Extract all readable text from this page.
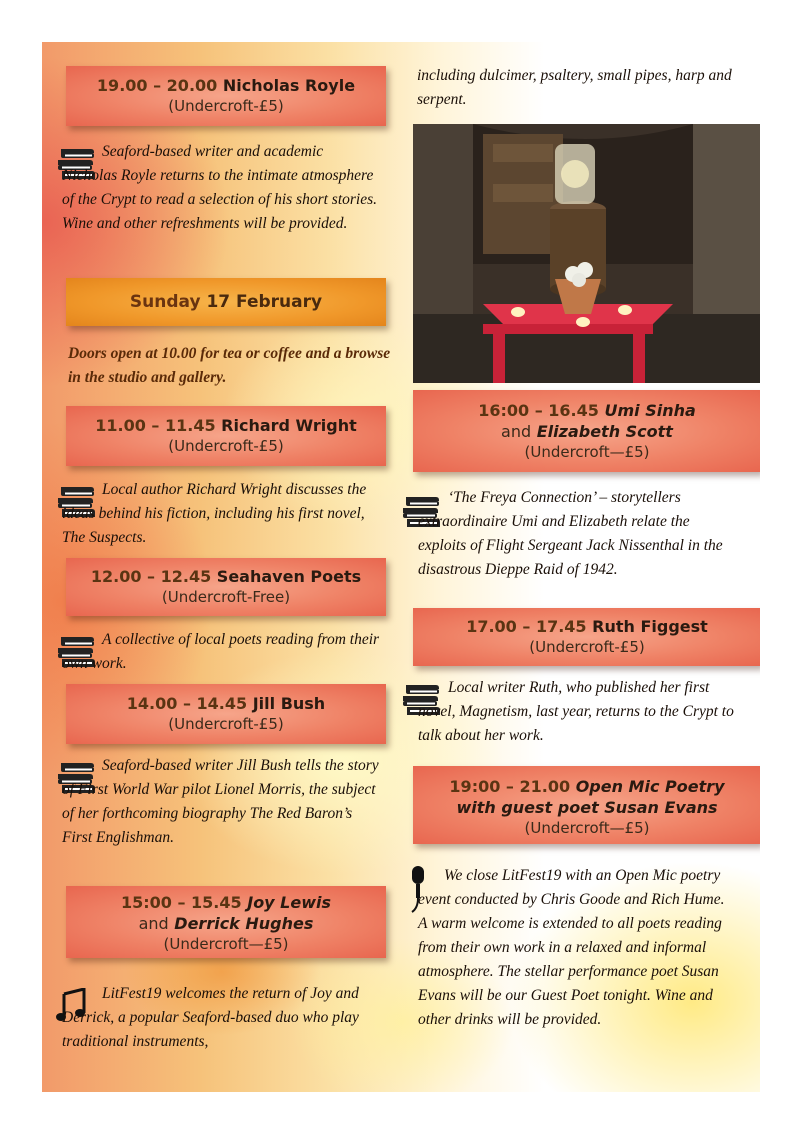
19.00 – 20.00 Nicholas Royle
(Undercroft-£5)
Seaford-based writer and academic Nicholas Royle returns to the intimate atmosphere of the Crypt to read a selection of his short stories. Wine and other refreshments will be provided.
Sunday 17 February
Doors open at 10.00 for tea or coffee and a browse in the studio and gallery.
11.00 – 11.45 Richard Wright
(Undercroft-£5)
Local author Richard Wright discusses the ideas behind his fiction, including his first novel, The Suspects.
12.00 – 12.45 Seahaven Poets
(Undercroft-Free)
A collective of local poets reading from their own work.
14.00 – 14.45 Jill Bush
(Undercroft-£5)
Seaford-based writer Jill Bush tells the story of First World War pilot Lionel Morris, the subject of her forthcoming biography The Red Baron’s First Englishman.
15:00 – 15.45 Joy Lewis
and Derrick Hughes
(Undercroft—£5)
LitFest19 welcomes the return of Joy and Derrick, a popular Seaford-based duo who play traditional instruments,
including dulcimer, psaltery, small pipes, harp and serpent.
16:00 – 16.45 Umi Sinha
and Elizabeth Scott
(Undercroft—£5)
‘The Freya Connection’ – storytellers extraordinaire Umi and Elizabeth relate the exploits of Flight Sergeant Jack Nissenthal in the disastrous Dieppe Raid of 1942.
17.00 – 17.45 Ruth Figgest
(Undercroft-£5)
Local writer Ruth, who published her first novel, Magnetism, last year, returns to the Crypt to talk about her work.
19:00 – 21.00 Open Mic Poetry
with guest poet Susan Evans
(Undercroft—£5)
We close LitFest19 with an Open Mic poetry event conducted by Chris Goode and Rich Hume. A warm welcome is extended to all poets reading from their own work in a relaxed and informal atmosphere. The stellar performance poet Susan Evans will be our Guest Poet tonight. Wine and other drinks will be provided.
